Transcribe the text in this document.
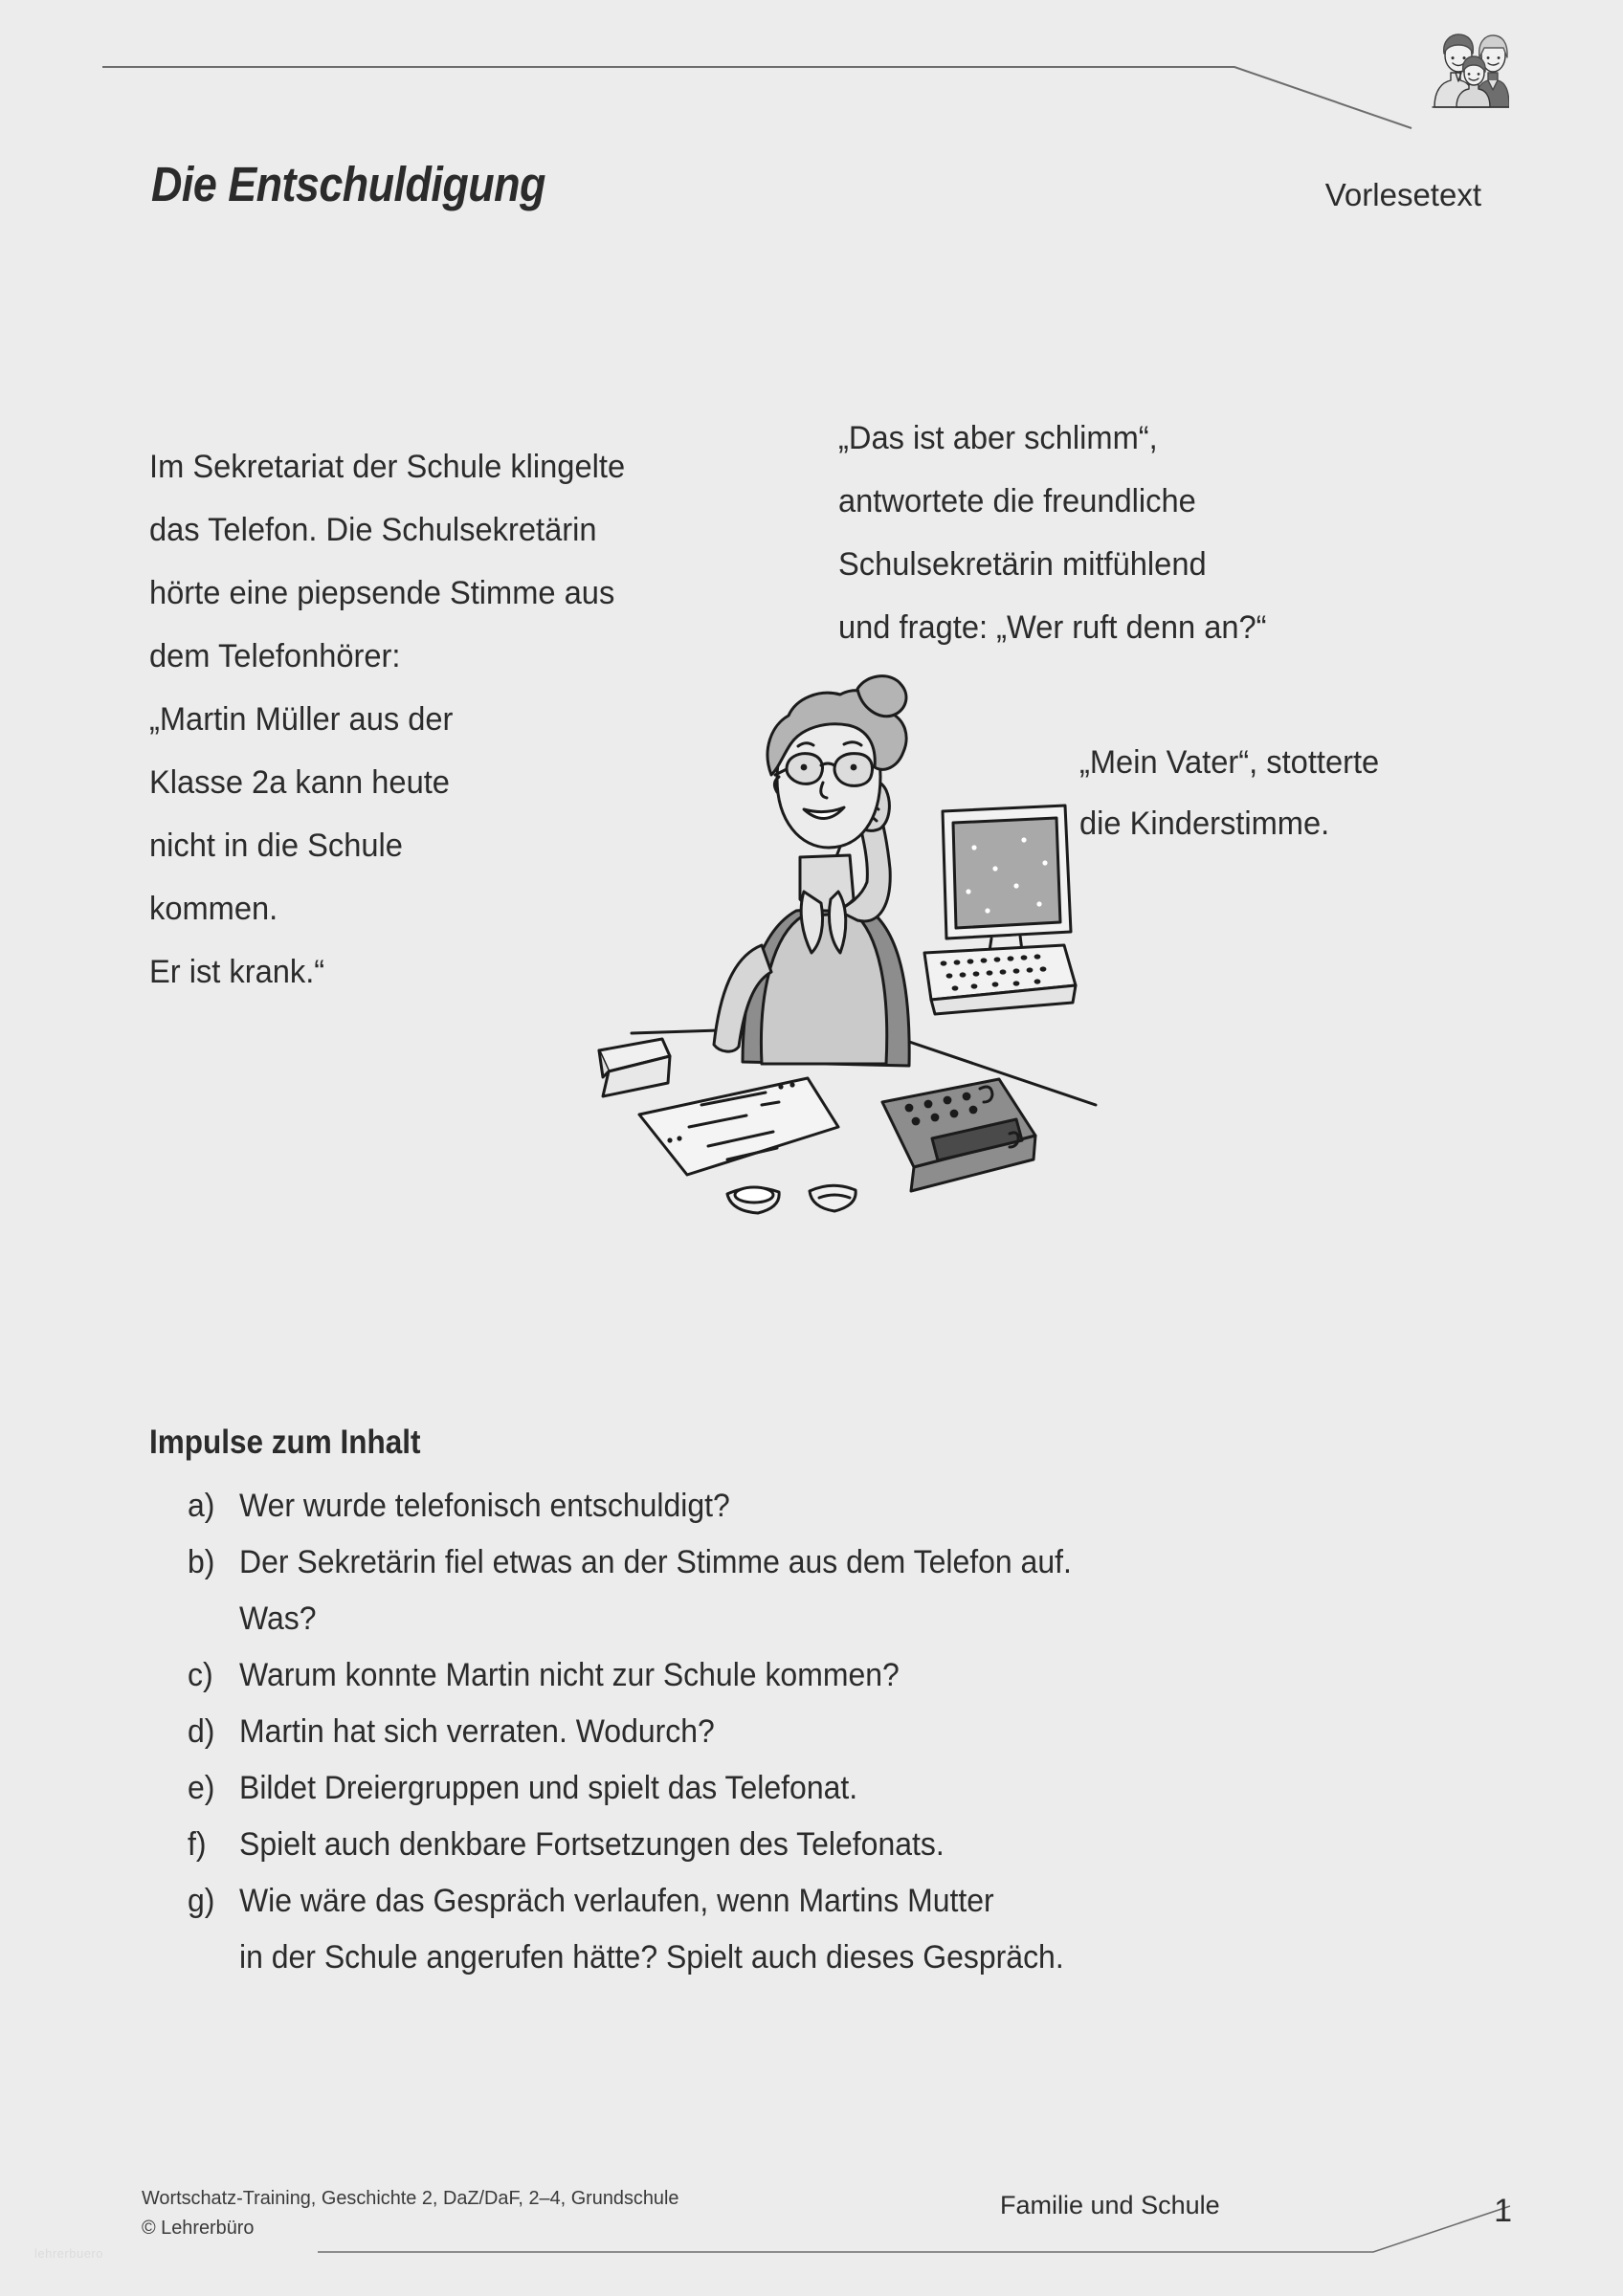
Die Entschuldigung	Vorlesetext
Im Sekretariat der Schule klingelte
das Telefon. Die Schulsekretärin
hörte eine piepsende Stimme aus
dem Telefonhörer:
„Martin Müller aus der
Klasse 2a kann heute
nicht in die Schule
kommen.
Er ist krank.“
„Das ist aber schlimm“,
antwortete die freundliche
Schulsekretärin mitfühlend
und fragte: „Wer ruft denn an?“
„Mein Vater“, stotterte
die Kinderstimme.
Impulse zum Inhalt
a) Wer wurde telefonisch entschuldigt?
b) Der Sekretärin fiel etwas an der Stimme aus dem Telefon auf.
Was?
c) Warum konnte Martin nicht zur Schule kommen?
d) Martin hat sich verraten. Wodurch?
e) Bildet Dreiergruppen und spielt das Telefonat.
f)	Spielt auch denkbare Fortsetzungen des Telefonats.
g) Wie wäre das Gespräch verlaufen, wenn Martins Mutter
in der Schule angerufen hätte? Spielt auch dieses Gespräch.
Wortschatz-Training, Geschichte 2, DaZ/DaF, 2–4, Grundschule
© Lehrerbüro
Familie und Schule	1
lehrerbuero
